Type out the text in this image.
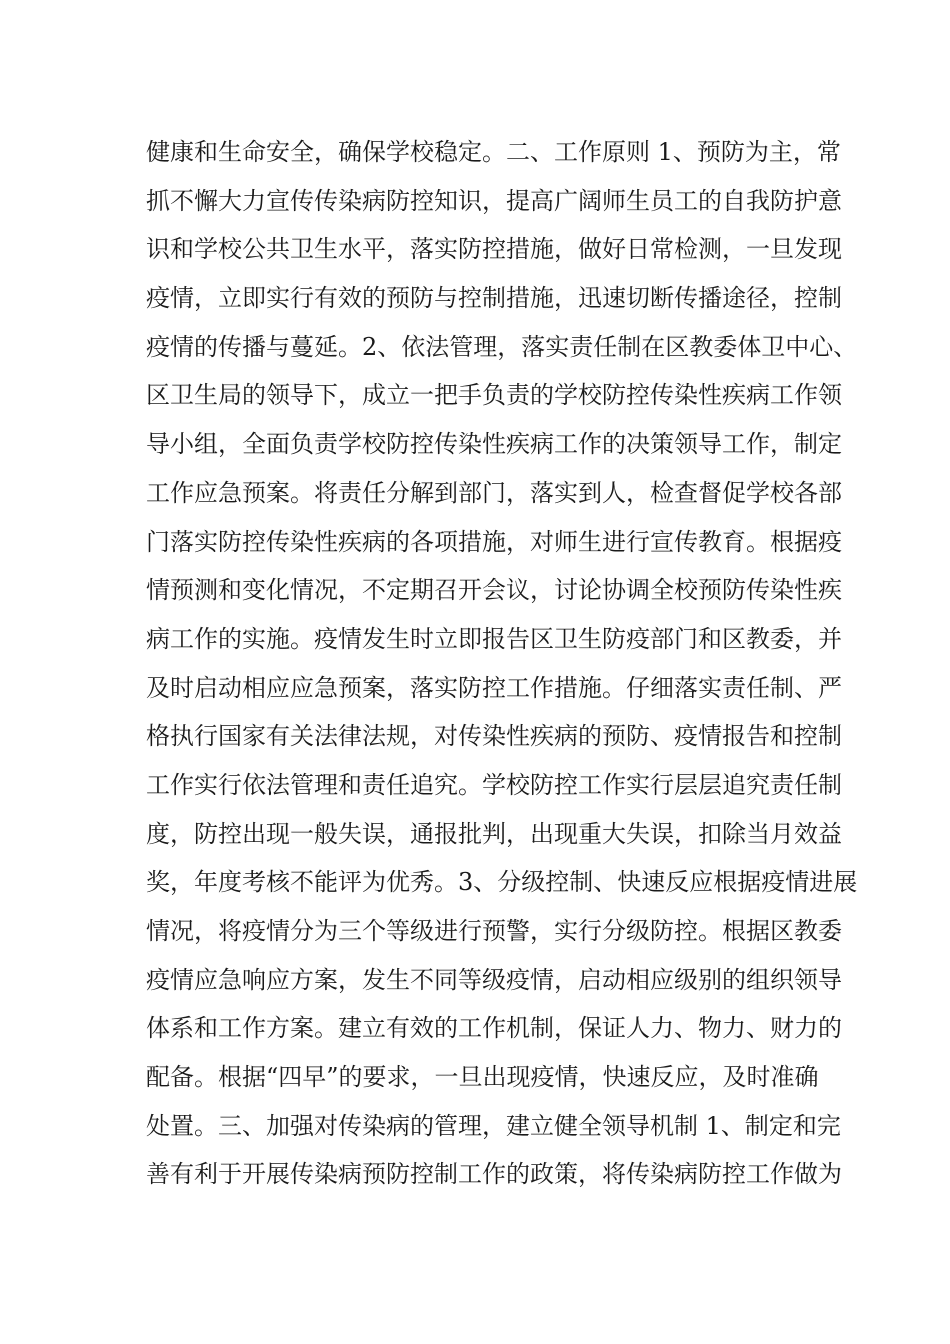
健康和生命安全，确保学校稳定。二、工作原则 1、预防为主，常
抓不懈大力宣传传染病防控知识，提高广阔师生员工的自我防护意
识和学校公共卫生水平，落实防控措施，做好日常检测，一旦发现
疫情，立即实行有效的预防与控制措施，迅速切断传播途径，控制
疫情的传播与蔓延。2、依法管理，落实责任制在区教委体卫中心、
区卫生局的领导下，成立一把手负责的学校防控传染性疾病工作领
导小组，全面负责学校防控传染性疾病工作的决策领导工作，制定
工作应急预案。将责任分解到部门，落实到人，检查督促学校各部
门落实防控传染性疾病的各项措施，对师生进行宣传教育。根据疫
情预测和变化情况，不定期召开会议，讨论协调全校预防传染性疾
病工作的实施。疫情发生时立即报告区卫生防疫部门和区教委，并
及时启动相应应急预案，落实防控工作措施。仔细落实责任制、严
格执行国家有关法律法规，对传染性疾病的预防、疫情报告和控制
工作实行依法管理和责任追究。学校防控工作实行层层追究责任制
度，防控出现一般失误，通报批判，出现重大失误，扣除当月效益
奖，年度考核不能评为优秀。3、分级控制、快速反应根据疫情进展
情况，将疫情分为三个等级进行预警，实行分级防控。根据区教委
疫情应急响应方案，发生不同等级疫情，启动相应级别的组织领导
体系和工作方案。建立有效的工作机制，保证人力、物力、财力的
配备。根据“四早”的要求，一旦出现疫情，快速反应，及时准确
处置。三、加强对传染病的管理，建立健全领导机制 1、制定和完
善有利于开展传染病预防控制工作的政策，将传染病防控工作做为
